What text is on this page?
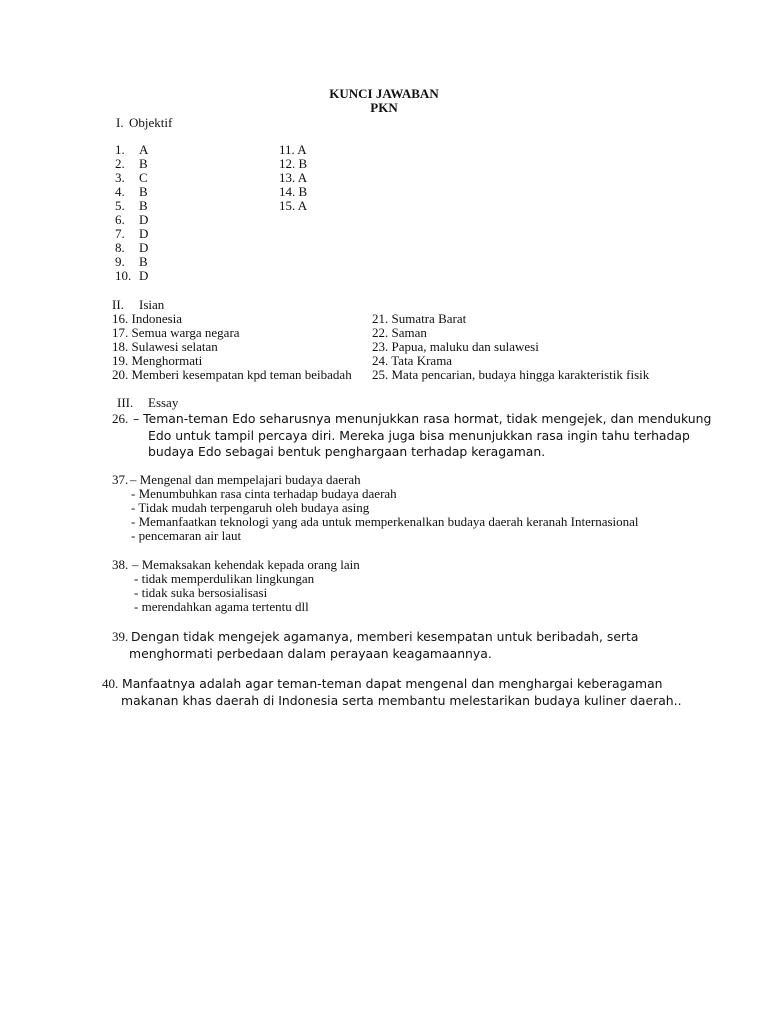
KUNCI JAWABAN
PKN
I. Objektif
1. A
2. B
3. C
4. B
5. B
6. D
7. D
8. D
9. B
10. D
11. A
12. B
13. A
14. B
15. A
II. Isian
16. Indonesia
17. Semua warga negara
18. Sulawesi selatan
19. Menghormati
20. Memberi kesempatan kpd teman beibadah
21. Sumatra Barat
22. Saman
23. Papua, maluku dan sulawesi
24. Tata Krama
25. Mata pencarian, budaya hingga karakteristik fisik
III. Essay
26. – Teman-teman Edo seharusnya menunjukkan rasa hormat, tidak mengejek, dan mendukung
Edo untuk tampil percaya diri. Mereka juga bisa menunjukkan rasa ingin tahu terhadap
budaya Edo sebagai bentuk penghargaan terhadap keragaman.
37. – Mengenal dan mempelajari budaya daerah
- Menumbuhkan rasa cinta terhadap budaya daerah
- Tidak mudah terpengaruh oleh budaya asing
- Memanfaatkan teknologi yang ada untuk memperkenalkan budaya daerah keranah Internasional
- pencemaran air laut
38. – Memaksakan kehendak kepada orang lain
- tidak memperdulikan lingkungan
- tidak suka bersosialisasi
- merendahkan agama tertentu dll
39. Dengan tidak mengejek agamanya, memberi kesempatan untuk beribadah, serta
menghormati perbedaan dalam perayaan keagamaannya.
40. Manfaatnya adalah agar teman-teman dapat mengenal dan menghargai keberagaman
makanan khas daerah di Indonesia serta membantu melestarikan budaya kuliner daerah..
